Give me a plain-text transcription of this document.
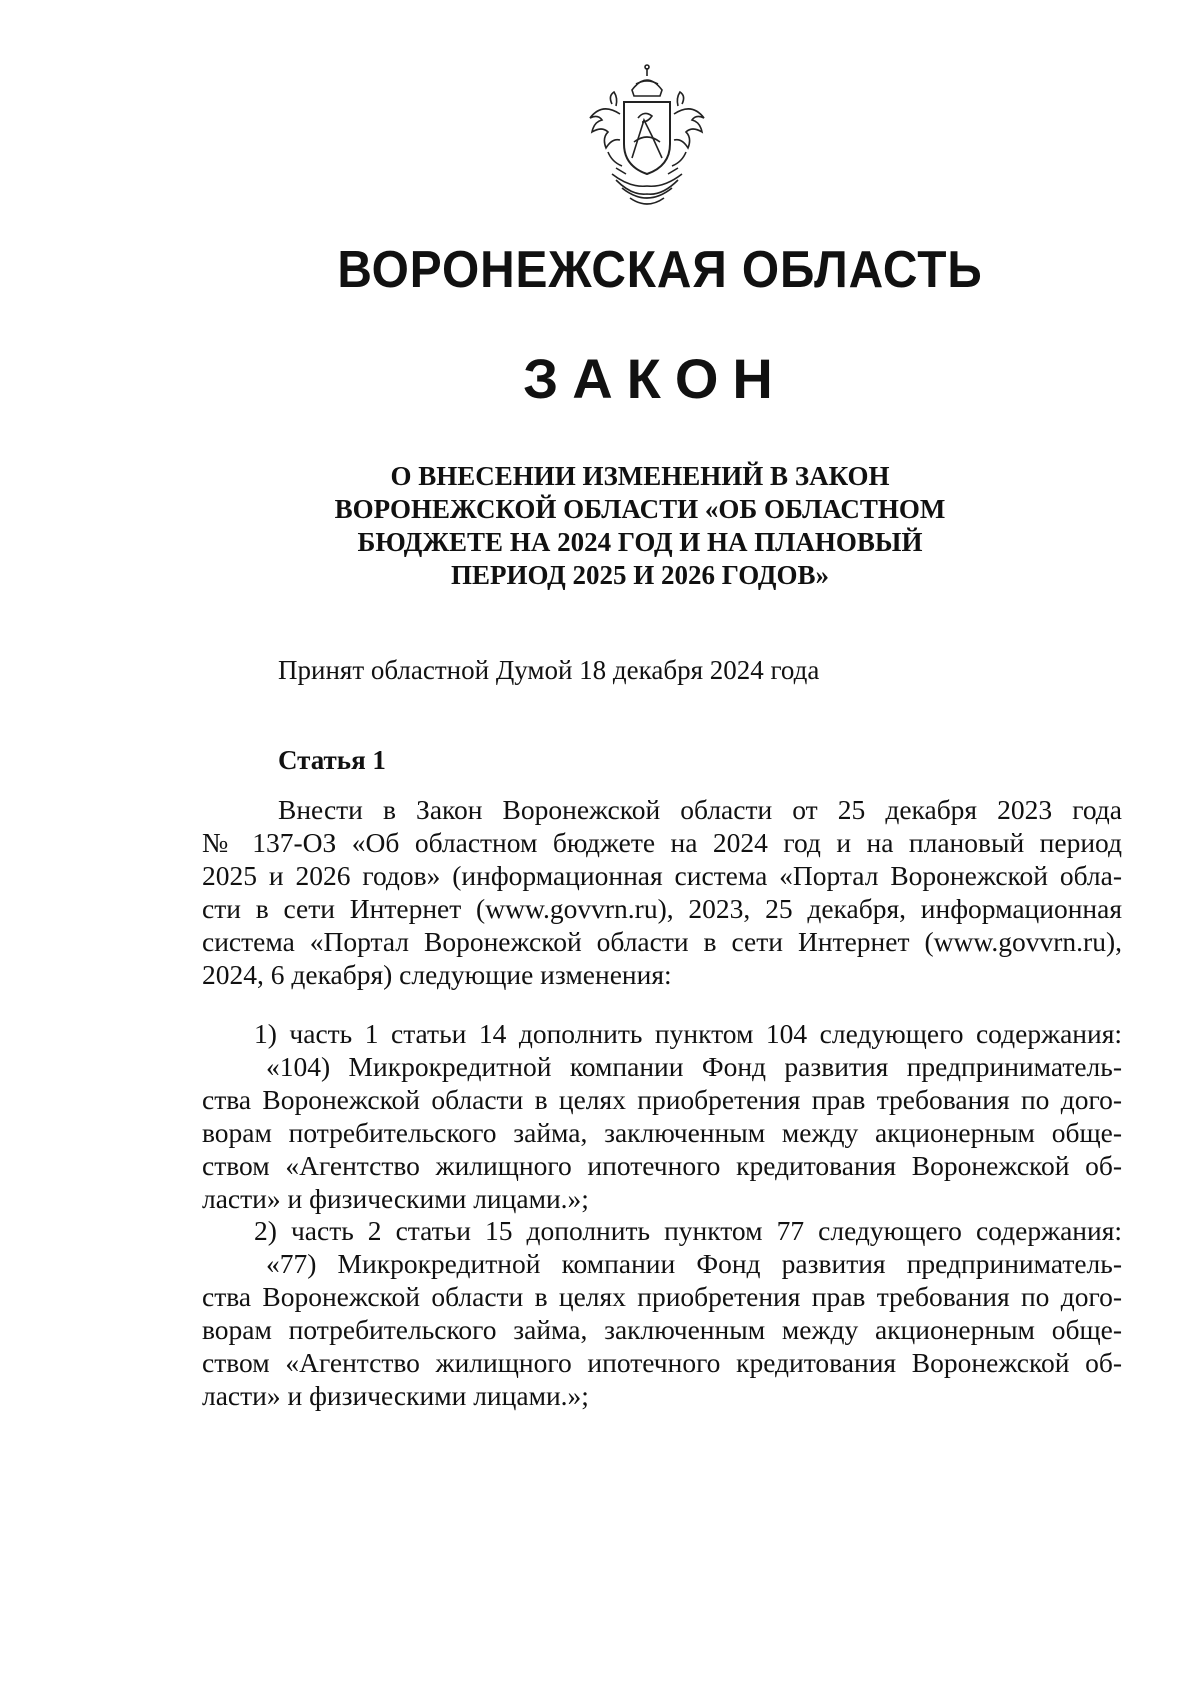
ВОРОНЕЖСКАЯ ОБЛАСТЬ
ЗАКОН
О ВНЕСЕНИИ ИЗМЕНЕНИЙ В ЗАКОН
ВОРОНЕЖСКОЙ ОБЛАСТИ «ОБ ОБЛАСТНОМ
БЮДЖЕТЕ НА 2024 ГОД И НА ПЛАНОВЫЙ
ПЕРИОД 2025 И 2026 ГОДОВ»
Принят областной Думой 18 декабря 2024 года
Статья 1
Внести в Закон Воронежской области от 25 декабря 2023 года
№ 137-ОЗ «Об областном бюджете на 2024 год и на плановый период
2025 и 2026 годов» (информационная система «Портал Воронежской обла-
сти в сети Интернет (www.govvrn.ru), 2023, 25 декабря, информационная
система «Портал Воронежской области в сети Интернет (www.govvrn.ru),
2024, 6 декабря) следующие изменения:
1) часть 1 статьи 14 дополнить пунктом 104 следующего содержания:
«104) Микрокредитной компании Фонд развития предприниматель-
ства Воронежской области в целях приобретения прав требования по дого-
ворам потребительского займа, заключенным между акционерным обще-
ством «Агентство жилищного ипотечного кредитования Воронежской об-
ласти» и физическими лицами.»;
2) часть 2 статьи 15 дополнить пунктом 77 следующего содержания:
«77) Микрокредитной компании Фонд развития предприниматель-
ства Воронежской области в целях приобретения прав требования по дого-
ворам потребительского займа, заключенным между акционерным обще-
ством «Агентство жилищного ипотечного кредитования Воронежской об-
ласти» и физическими лицами.»;
